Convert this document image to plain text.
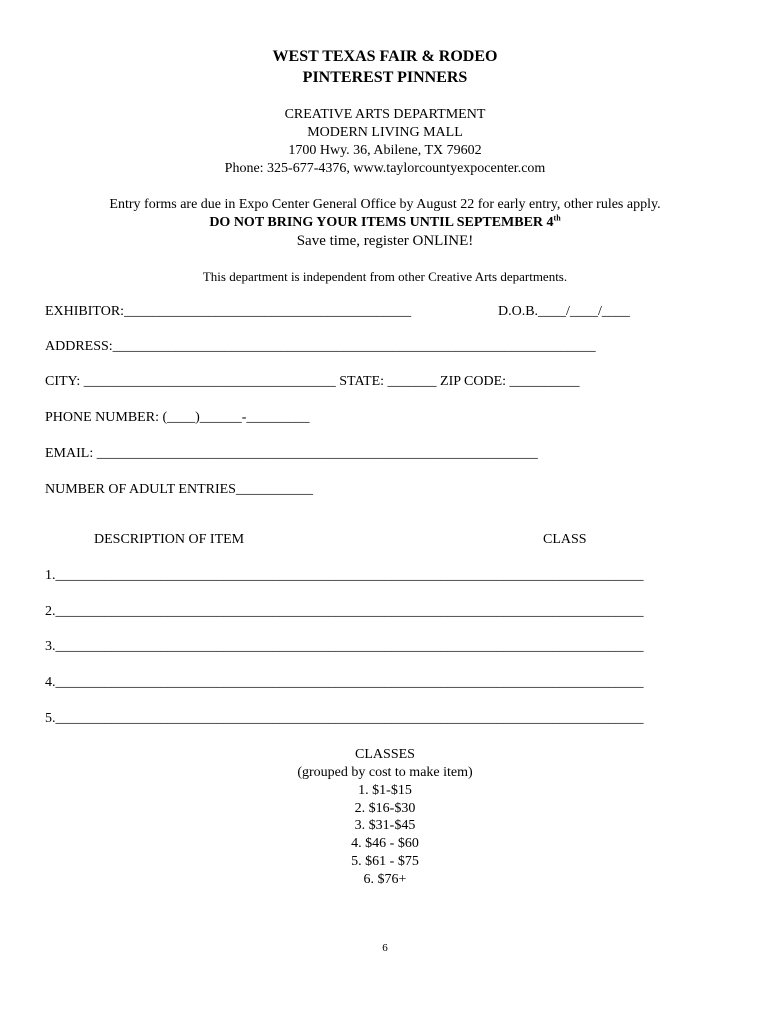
WEST TEXAS FAIR & RODEO
PINTEREST PINNERS
CREATIVE ARTS DEPARTMENT
MODERN LIVING MALL
1700 Hwy. 36, Abilene, TX 79602
Phone: 325-677-4376, www.taylorcountyexpocenter.com
Entry forms are due in Expo Center General Office by August 22 for early entry, other rules apply.
DO NOT BRING YOUR ITEMS UNTIL SEPTEMBER 4th
Save time, register ONLINE!
This department is independent from other Creative Arts departments.
EXHIBITOR:_________________________________________	D.O.B.____/____/____
ADDRESS:_____________________________________________________________________
CITY: ____________________________________ STATE: _______ ZIP CODE: __________
PHONE NUMBER: (____)______-_________
EMAIL: _______________________________________________________________
NUMBER OF ADULT ENTRIES___________
DESCRIPTION OF ITEM	CLASS
1.____________________________________________________________________________________
2.____________________________________________________________________________________
3.____________________________________________________________________________________
4.____________________________________________________________________________________
5.____________________________________________________________________________________
CLASSES
(grouped by cost to make item)
1. $1-$15
2. $16-$30
3. $31-$45
4. $46 - $60
5. $61 - $75
6. $76+
6
